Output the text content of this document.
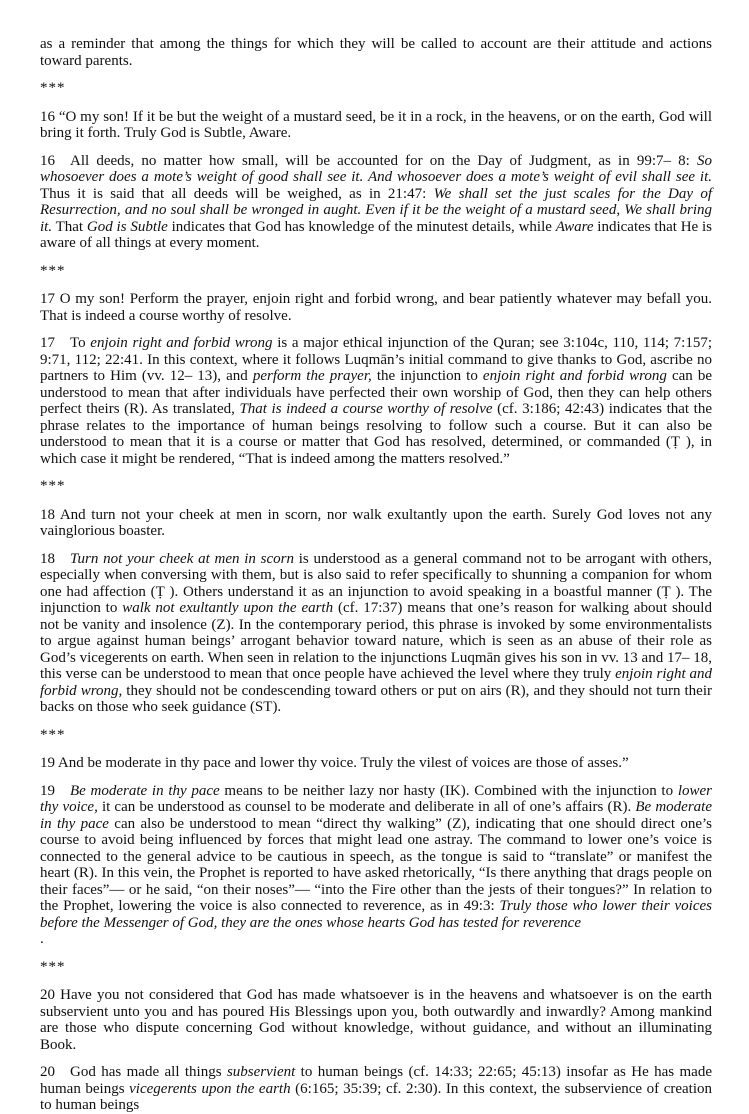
as a reminder that among the things for which they will be called to account are their attitude and actions toward parents.

***

16 “O my son! If it be but the weight of a mustard seed, be it in a rock, in the heavens, or on the earth, God will bring it forth. Truly God is Subtle, Aware.

16 All deeds, no matter how small, will be accounted for on the Day of Judgment, as in 99:7– 8: So whosoever does a mote’s weight of good shall see it. And whosoever does a mote’s weight of evil shall see it. Thus it is said that all deeds will be weighed, as in 21:47: We shall set the just scales for the Day of Resurrection, and no soul shall be wronged in aught. Even if it be the weight of a mustard seed, We shall bring it. That God is Subtle indicates that God has knowledge of the minutest details, while Aware indicates that He is aware of all things at every moment.

***

17 O my son! Perform the prayer, enjoin right and forbid wrong, and bear patiently whatever may befall you. That is indeed a course worthy of resolve.

17 To enjoin right and forbid wrong is a major ethical injunction of the Quran; see 3:104c, 110, 114; 7:157; 9:71, 112; 22:41. In this context, where it follows Luqmān’s initial command to give thanks to God, ascribe no partners to Him (vv. 12– 13), and perform the prayer, the injunction to enjoin right and forbid wrong can be understood to mean that after individuals have perfected their own worship of God, then they can help others perfect theirs (R). As translated, That is indeed a course worthy of resolve (cf. 3:186; 42:43) indicates that the phrase relates to the importance of human beings resolving to follow such a course. But it can also be understood to mean that it is a course or matter that God has resolved, determined, or commanded (Ṭ ), in which case it might be rendered, “That is indeed among the matters resolved.”

***

18 And turn not your cheek at men in scorn, nor walk exultantly upon the earth. Surely God loves not any vainglorious boaster.

18 Turn not your cheek at men in scorn is understood as a general command not to be arrogant with others, especially when conversing with them, but is also said to refer specifically to shunning a companion for whom one had affection (Ṭ ). Others understand it as an injunction to avoid speaking in a boastful manner (Ṭ ). The injunction to walk not exultantly upon the earth (cf. 17:37) means that one’s reason for walking about should not be vanity and insolence (Z). In the contemporary period, this phrase is invoked by some environmentalists to argue against human beings’ arrogant behavior toward nature, which is seen as an abuse of their role as God’s vicegerents on earth. When seen in relation to the injunctions Luqmān gives his son in vv. 13 and 17– 18, this verse can be understood to mean that once people have achieved the level where they truly enjoin right and forbid wrong, they should not be condescending toward others or put on airs (R), and they should not turn their backs on those who seek guidance (ST).

***

19 And be moderate in thy pace and lower thy voice. Truly the vilest of voices are those of asses.”

19 Be moderate in thy pace means to be neither lazy nor hasty (IK). Combined with the injunction to lower thy voice, it can be understood as counsel to be moderate and deliberate in all of one’s affairs (R). Be moderate in thy pace can also be understood to mean “direct thy walking” (Z), indicating that one should direct one’s course to avoid being influenced by forces that might lead one astray. The command to lower one’s voice is connected to the general advice to be cautious in speech, as the tongue is said to “translate” or manifest the heart (R). In this vein, the Prophet is reported to have asked rhetorically, “Is there anything that drags people on their faces”— or he said, “on their noses”— “into the Fire other than the jests of their tongues?” In relation to the Prophet, lowering the voice is also connected to reverence, as in 49:3: Truly those who lower their voices before the Messenger of God, they are the ones whose hearts God has tested for reverence
.

***

20 Have you not considered that God has made whatsoever is in the heavens and whatsoever is on the earth subservient unto you and has poured His Blessings upon you, both outwardly and inwardly? Among mankind are those who dispute concerning God without knowledge, without guidance, and without an illuminating Book.

20 God has made all things subservient to human beings (cf. 14:33; 22:65; 45:13) insofar as He has made human beings vicegerents upon the earth (6:165; 35:39; cf. 2:30). In this context, the subservience of creation to human beings
